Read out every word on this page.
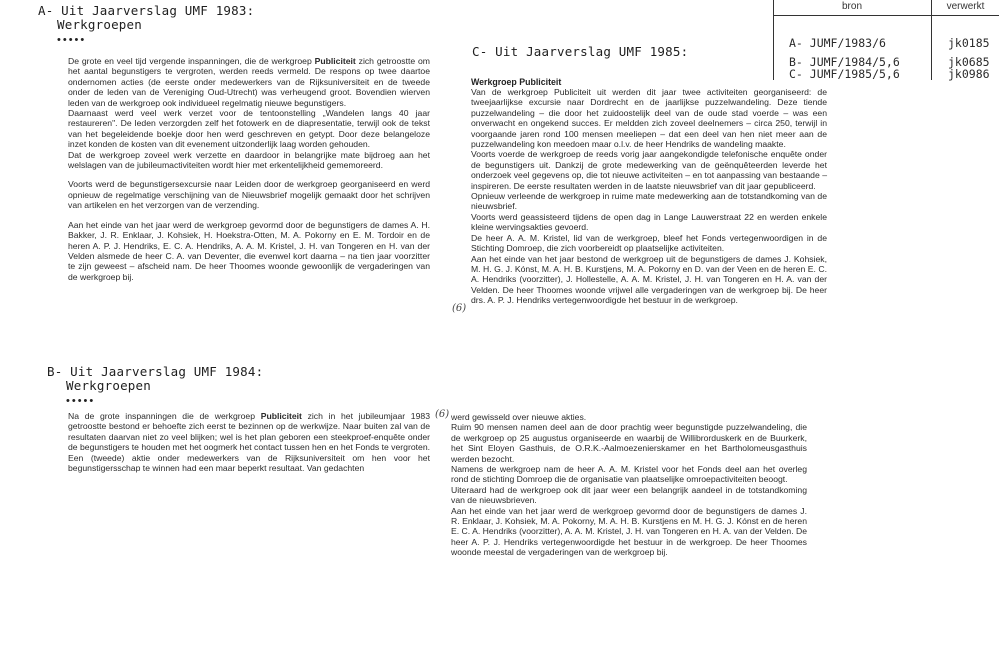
bron	verwerkt
A- JUMF/1983/6
B- JUMF/1984/5,6
C- JUMF/1985/5,6
jk0185
jk0685
jk0986
A- Uit Jaarverslag UMF 1983:
Werkgroepen
•••••

De grote en veel tijd vergende inspanningen, die de werkgroep Publiciteit zich getroostte om het aantal begunstigers te vergroten, werden reeds vermeld. De respons op twee daartoe ondernomen acties (de eerste onder medewerkers van de Rijksuniversiteit en de tweede onder de leden van de Vereniging Oud-Utrecht) was verheugend groot. Bovendien wierven leden van de werkgroep ook individueel regelmatig nieuwe begunstigers.

Daarnaast werd veel werk verzet voor de tentoonstelling „Wandelen langs 40 jaar restaureren". De leden verzorgden zelf het fotowerk en de diapresentatie, terwijl ook de tekst van het begeleidende boekje door hen werd geschreven en getypt. Door deze belangeloze inzet konden de kosten van dit evenement uitzonderlijk laag worden gehouden.

Dat de werkgroep zoveel werk verzette en daardoor in belangrijke mate bijdroeg aan het welslagen van de jubileumactiviteiten wordt hier met erkentelijkheid gememoreerd.

Voorts werd de begunstigersexcursie naar Leiden door de werkgroep georganiseerd en werd opnieuw de regelmatige verschijning van de Nieuwsbrief mogelijk gemaakt door het schrijven van artikelen en het verzorgen van de verzending.

Aan het einde van het jaar werd de werkgroep gevormd door de begunstigers de dames A. H. Bakker, J. R. Enklaar, J. Kohsiek, H. Hoekstra-Otten, M. A. Pokorny en E. M. Tordoir en de heren A. P. J. Hendriks, E. C. A. Hendriks, A. A. M. Kristel, J. H. van Tongeren en H. van der Velden alsmede de heer C. A. van Deventer, die evenwel kort daarna – na tien jaar voorzitter te zijn geweest – afscheid nam. De heer Thoomes woonde gewoonlijk de vergaderingen van de werkgroep bij.

B- Uit Jaarverslag UMF 1984:
Werkgroepen
•••••

Na de grote inspanningen die de werkgroep Publiciteit zich in het jubileumjaar 1983 getroostte bestond er behoefte zich eerst te bezinnen op de werkwijze. Naar buiten zal van de resultaten daarvan niet zo veel blijken; wel is het plan geboren een steekproef-enquête onder de begunstigers te houden met het oogmerk het contact tussen hen en het Fonds te vergroten.

Een (tweede) aktie onder medewerkers van de Rijksuniversiteit om hen voor het begunstigersschap te winnen had een maar beperkt resultaat. Van gedachten

C- Uit Jaarverslag UMF 1985:

Werkgroep Publiciteit

Van de werkgroep Publiciteit uit werden dit jaar twee activiteiten georganiseerd: de tweejaarlijkse excursie naar Dordrecht en de jaarlijkse puzzelwandeling. Deze tiende puzzelwandeling – die door het zuidoostelijk deel van de oude stad voerde – was een onverwacht en ongekend succes. Er meldden zich zoveel deelnemers – circa 250, terwijl in voorgaande jaren rond 100 mensen meeliepen – dat een deel van hen niet meer aan de puzzelwandeling kon meedoen maar o.l.v. de heer Hendriks de wandeling maakte.

Voorts voerde de werkgroep de reeds vorig jaar aangekondigde telefonische enquête onder de begunstigers uit. Dankzij de grote medewerking van de geënquêteerden leverde het onderzoek veel gegevens op, die tot nieuwe activiteiten – en tot aanpassing van bestaande – inspireren. De eerste resultaten werden in de laatste nieuwsbrief van dit jaar gepubliceerd.

Opnieuw verleende de werkgroep in ruime mate medewerking aan de totstandkoming van de nieuwsbrief.

Voorts werd geassisteerd tijdens de open dag in Lange Lauwerstraat 22 en werden enkele kleine wervingsakties gevoerd.

De heer A. A. M. Kristel, lid van de werkgroep, bleef het Fonds vertegenwoordigen in de Stichting Domroep, die zich voorbereidt op plaatselijke activiteiten.

Aan het einde van het jaar bestond de werkgroep uit de begunstigers de dames J. Kohsiek, M. H. G. J. Kónst, M. A. H. B. Kurstjens, M. A. Pokorny en D. van der Veen en de heren E. C. A. Hendriks (voorzitter), J. Hollestelle, A. A. M. Kristel, J. H. van Tongeren en H. A. van der Velden. De heer Thoomes woonde vrijwel alle vergaderingen van de werkgroep bij. De heer drs. A. P. J. Hendriks vertegenwoordigde het bestuur in de werkgroep.

(6)
(6) werd gewisseld over nieuwe akties.

Ruim 90 mensen namen deel aan de door prachtig weer begunstigde puzzelwandeling, die de werkgroep op 25 augustus organiseerde en waarbij de Willibrorduskerk en de Buurkerk, het Sint Eloyen Gasthuis, de O.R.K.-Aalmoezenierskamer en het Bartholomeusgasthuis werden bezocht.

Namens de werkgroep nam de heer A. A. M. Kristel voor het Fonds deel aan het overleg rond de stichting Domroep die de organisatie van plaatselijke omroepactiviteiten beoogt.

Uiteraard had de werkgroep ook dit jaar weer een belangrijk aandeel in de totstandkoming van de nieuwsbrieven.

Aan het einde van het jaar werd de werkgroep gevormd door de begunstigers de dames J. R. Enklaar, J. Kohsiek, M. A. Pokorny, M. A. H. B. Kurstjens en M. H. G. J. Kónst en de heren E. C. A. Hendriks (voorzitter), A. A. M. Kristel, J. H. van Tongeren en H. A. van der Velden. De heer A. P. J. Hendriks vertegenwoordigde het bestuur in de werkgroep. De heer Thoomes woonde meestal de vergaderingen van de werkgroep bij.
